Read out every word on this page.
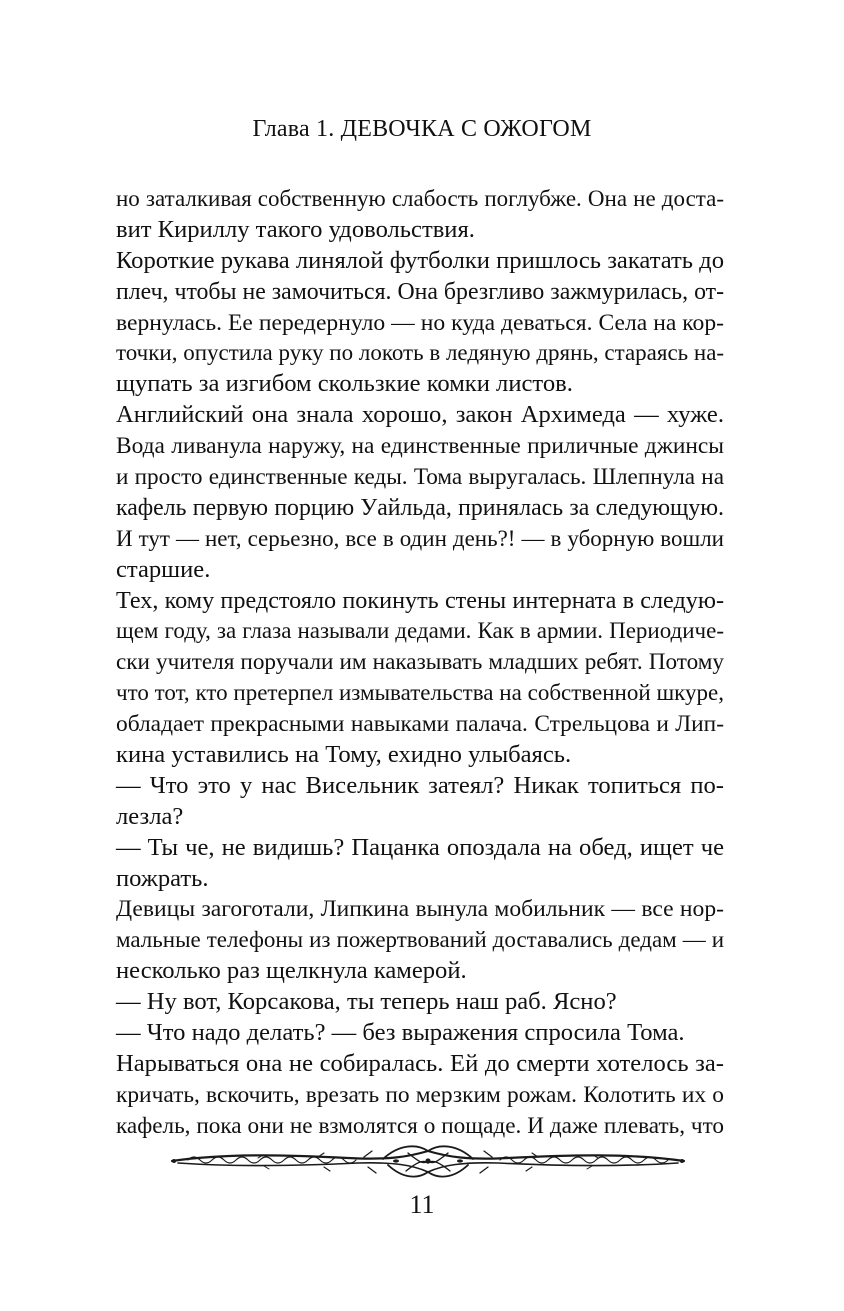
Глава 1. ДЕВОЧКА С ОЖОГОМ
но заталкивая собственную слабость поглубже. Она не доста-
вит Кириллу такого удовольствия.
Короткие рукава линялой футболки пришлось закатать до
плеч, чтобы не замочиться. Она брезгливо зажмурилась, от-
вернулась. Ее передернуло — но куда деваться. Села на кор-
точки, опустила руку по локоть в ледяную дрянь, стараясь на-
щупать за изгибом скользкие комки листов.
Английский она знала хорошо, закон Архимеда — хуже.
Вода ливанула наружу, на единственные приличные джинсы
и просто единственные кеды. Тома выругалась. Шлепнула на
кафель первую порцию Уайльда, принялась за следующую.
И тут — нет, серьезно, все в один день?! — в уборную вошли
старшие.
Тех, кому предстояло покинуть стены интерната в следую-
щем году, за глаза называли дедами. Как в армии. Периодиче-
ски учителя поручали им наказывать младших ребят. Потому
что тот, кто претерпел измывательства на собственной шкуре,
обладает прекрасными навыками палача. Стрельцова и Лип-
кина уставились на Тому, ехидно улыбаясь.
— Что это у нас Висельник затеял? Никак топиться по-
лезла?
— Ты че, не видишь? Пацанка опоздала на обед, ищет че
пожрать.
Девицы загоготали, Липкина вынула мобильник — все нор-
мальные телефоны из пожертвований доставались дедам — и
несколько раз щелкнула камерой.
— Ну вот, Корсакова, ты теперь наш раб. Ясно?
— Что надо делать? — без выражения спросила Тома.
Нарываться она не собиралась. Ей до смерти хотелось за-
кричать, вскочить, врезать по мерзким рожам. Колотить их о
кафель, пока они не взмолятся о пощаде. И даже плевать, что
11
